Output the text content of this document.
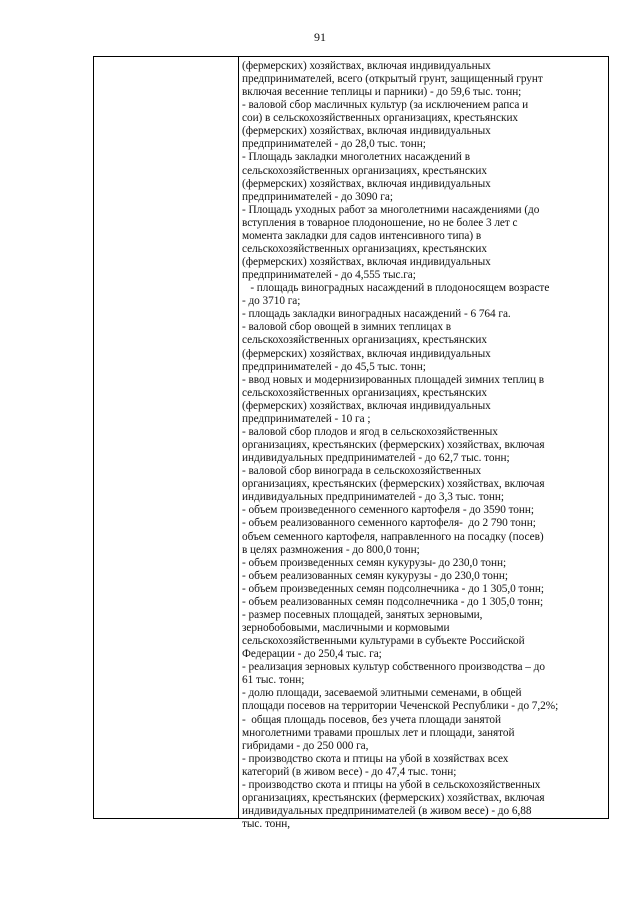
91
(фермерских) хозяйствах, включая индивидуальных
предпринимателей, всего (открытый грунт, защищенный грунт
включая весенние теплицы и парники) - до 59,6 тыс. тонн;
- валовой сбор масличных культур (за исключением рапса и
сои) в сельскохозяйственных организациях, крестьянских
(фермерских) хозяйствах, включая индивидуальных
предпринимателей - до 28,0 тыс. тонн;
- Площадь закладки многолетних насаждений в
сельскохозяйственных организациях, крестьянских
(фермерских) хозяйствах, включая индивидуальных
предпринимателей - до 3090 га;
- Площадь уходных работ за многолетними насаждениями (до
вступления в товарное плодоношение, но не более 3 лет с
момента закладки для садов интенсивного типа) в
сельскохозяйственных организациях, крестьянских
(фермерских) хозяйствах, включая индивидуальных
предпринимателей - до 4,555 тыс.га;
- площадь виноградных насаждений в плодоносящем возрасте
- до 3710 га;
- площадь закладки виноградных насаждений - 6 764 га.
- валовой сбор овощей в зимних теплицах в
сельскохозяйственных организациях, крестьянских
(фермерских) хозяйствах, включая индивидуальных
предпринимателей - до 45,5 тыс. тонн;
- ввод новых и модернизированных площадей зимних теплиц в
сельскохозяйственных организациях, крестьянских
(фермерских) хозяйствах, включая индивидуальных
предпринимателей - 10 га ;
- валовой сбор плодов и ягод в сельскохозяйственных
организациях, крестьянских (фермерских) хозяйствах, включая
индивидуальных предпринимателей - до 62,7 тыс. тонн;
- валовой сбор винограда в сельскохозяйственных
организациях, крестьянских (фермерских) хозяйствах, включая
индивидуальных предпринимателей - до 3,3 тыс. тонн;
- объем произведенного семенного картофеля - до 3590 тонн;
- объем реализованного семенного картофеля-  до 2 790 тонн;
объем семенного картофеля, направленного на посадку (посев)
в целях размножения - до 800,0 тонн;
- объем произведенных семян кукурузы- до 230,0 тонн;
- объем реализованных семян кукурузы - до 230,0 тонн;
- объем произведенных семян подсолнечника - до 1 305,0 тонн;
- объем реализованных семян подсолнечника - до 1 305,0 тонн;
- размер посевных площадей, занятых зерновыми,
зернобобовыми, масличными и кормовыми
сельскохозяйственными культурами в субъекте Российской
Федерации - до 250,4 тыс. га;
- реализация зерновых культур собственного производства – до
61 тыс. тонн;
- долю площади, засеваемой элитными семенами, в общей
площади посевов на территории Чеченской Республики - до 7,2%;
-  общая площадь посевов, без учета площади занятой
многолетними травами прошлых лет и площади, занятой
гибридами - до 250 000 га,
- производство скота и птицы на убой в хозяйствах всех
категорий (в живом весе) - до 47,4 тыс. тонн;
- производство скота и птицы на убой в сельскохозяйственных
организациях, крестьянских (фермерских) хозяйствах, включая
индивидуальных предпринимателей (в живом весе) - до 6,88
тыс. тонн,
